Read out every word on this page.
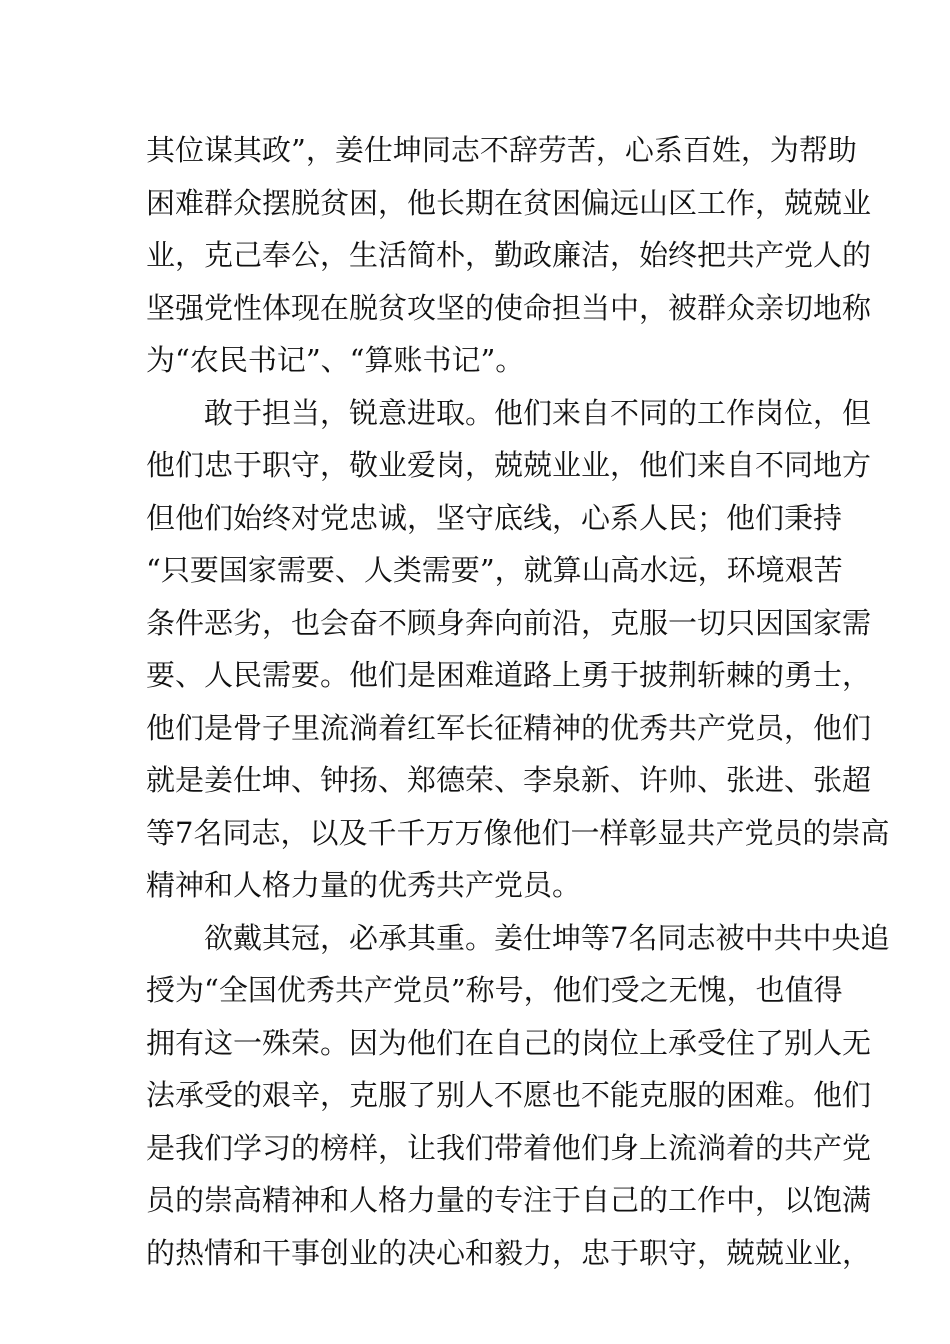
其位谋其政”，姜仕坤同志不辞劳苦，心系百姓，为帮助
困难群众摆脱贫困，他长期在贫困偏远山区工作，兢兢业
业，克己奉公，生活简朴，勤政廉洁，始终把共产党人的
坚强党性体现在脱贫攻坚的使命担当中，被群众亲切地称
为“农民书记”、“算账书记”。
敢于担当，锐意进取。他们来自不同的工作岗位，但
他们忠于职守，敬业爱岗，兢兢业业，他们来自不同地方
但他们始终对党忠诚，坚守底线，心系人民；他们秉持
“只要国家需要、人类需要”，就算山高水远，环境艰苦
条件恶劣，也会奋不顾身奔向前沿，克服一切只因国家需
要、人民需要。他们是困难道路上勇于披荆斩棘的勇士，
他们是骨子里流淌着红军长征精神的优秀共产党员，他们
就是姜仕坤、钟扬、郑德荣、李泉新、许帅、张进、张超
等7名同志，以及千千万万像他们一样彰显共产党员的崇高
精神和人格力量的优秀共产党员。
欲戴其冠，必承其重。姜仕坤等7名同志被中共中央追
授为“全国优秀共产党员”称号，他们受之无愧，也值得
拥有这一殊荣。因为他们在自己的岗位上承受住了别人无
法承受的艰辛，克服了别人不愿也不能克服的困难。他们
是我们学习的榜样，让我们带着他们身上流淌着的共产党
员的崇高精神和人格力量的专注于自己的工作中，以饱满
的热情和干事创业的决心和毅力，忠于职守，兢兢业业，
